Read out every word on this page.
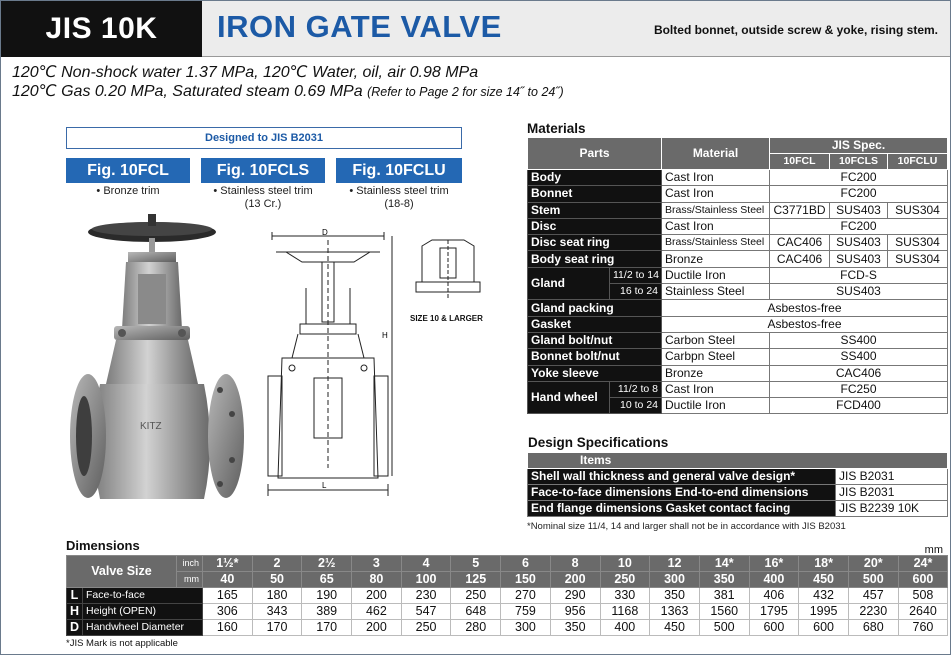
JIS 10K	IRON GATE VALVE	Bolted bonnet, outside screw & yoke, rising stem.
120℃ Non-shock water 1.37 MPa, 120℃ Water, oil, air 0.98 MPa
120℃ Gas 0.20 MPa, Saturated steam 0.69 MPa (Refer to Page 2 for size 14˝ to 24˝)
Designed to JIS B2031
Fig. 10FCL	Fig. 10FCLS	Fig. 10FCLU
• Bronze trim	• Stainless steel trim
(13 Cr.)
• Stainless steel trim
(18-8)
KITZ
D
H
L
SIZE 10 & LARGER
Materials
Parts		Material	JIS Spec.		
			10FCL	10FCLS	10FCLU
Body		Cast Iron	FC200		
Bonnet		Cast Iron	FC200		
Stem		Brass/Stainless Steel	C3771BD	SUS403	SUS304
Disc		Cast Iron	FC200		
Disc seat ring		Brass/Stainless Steel	CAC406	SUS403	SUS304
Body seat ring		Bronze	CAC406	SUS403	SUS304
Gland	11/2 to 14	Ductile Iron	FCD-S		
	16 to 24	Stainless Steel	SUS403		
Gland packing		Asbestos-free			
Gasket		Asbestos-free			
Gland bolt/nut		Carbon Steel	SS400		
Bonnet bolt/nut		Carbpn Steel	SS400		
Yoke sleeve		Bronze	CAC406		
Hand wheel	11/2 to 8	Cast Iron	FC250		
	10 to 24	Ductile Iron	FCD400		
Design Specifications
Items	
Shell wall thickness and general valve design*	JIS B2031
Face-to-face dimensions End-to-end dimensions	JIS B2031
End flange dimensions Gasket contact facing	JIS B2239 10K
*Nominal size 11/4, 14 and larger shall not be in accordance with JIS B2031
Dimensions	mm
Valve Size		inch	1½*	2	2½	3	4	5	6	8	10	12	14*	16*	18*	20*	24*
		mm	40	50	65	80	100	125	150	200	250	300	350	400	450	500	600
L	Face-to-face		165	180	190	200	230	250	270	290	330	350	381	406	432	457	508
H	Height (OPEN)		306	343	389	462	547	648	759	956	1168	1363	1560	1795	1995	2230	2640
D	Handwheel Diameter		160	170	170	200	250	280	300	350	400	450	500	600	600	680	760
*JIS Mark is not applicable
